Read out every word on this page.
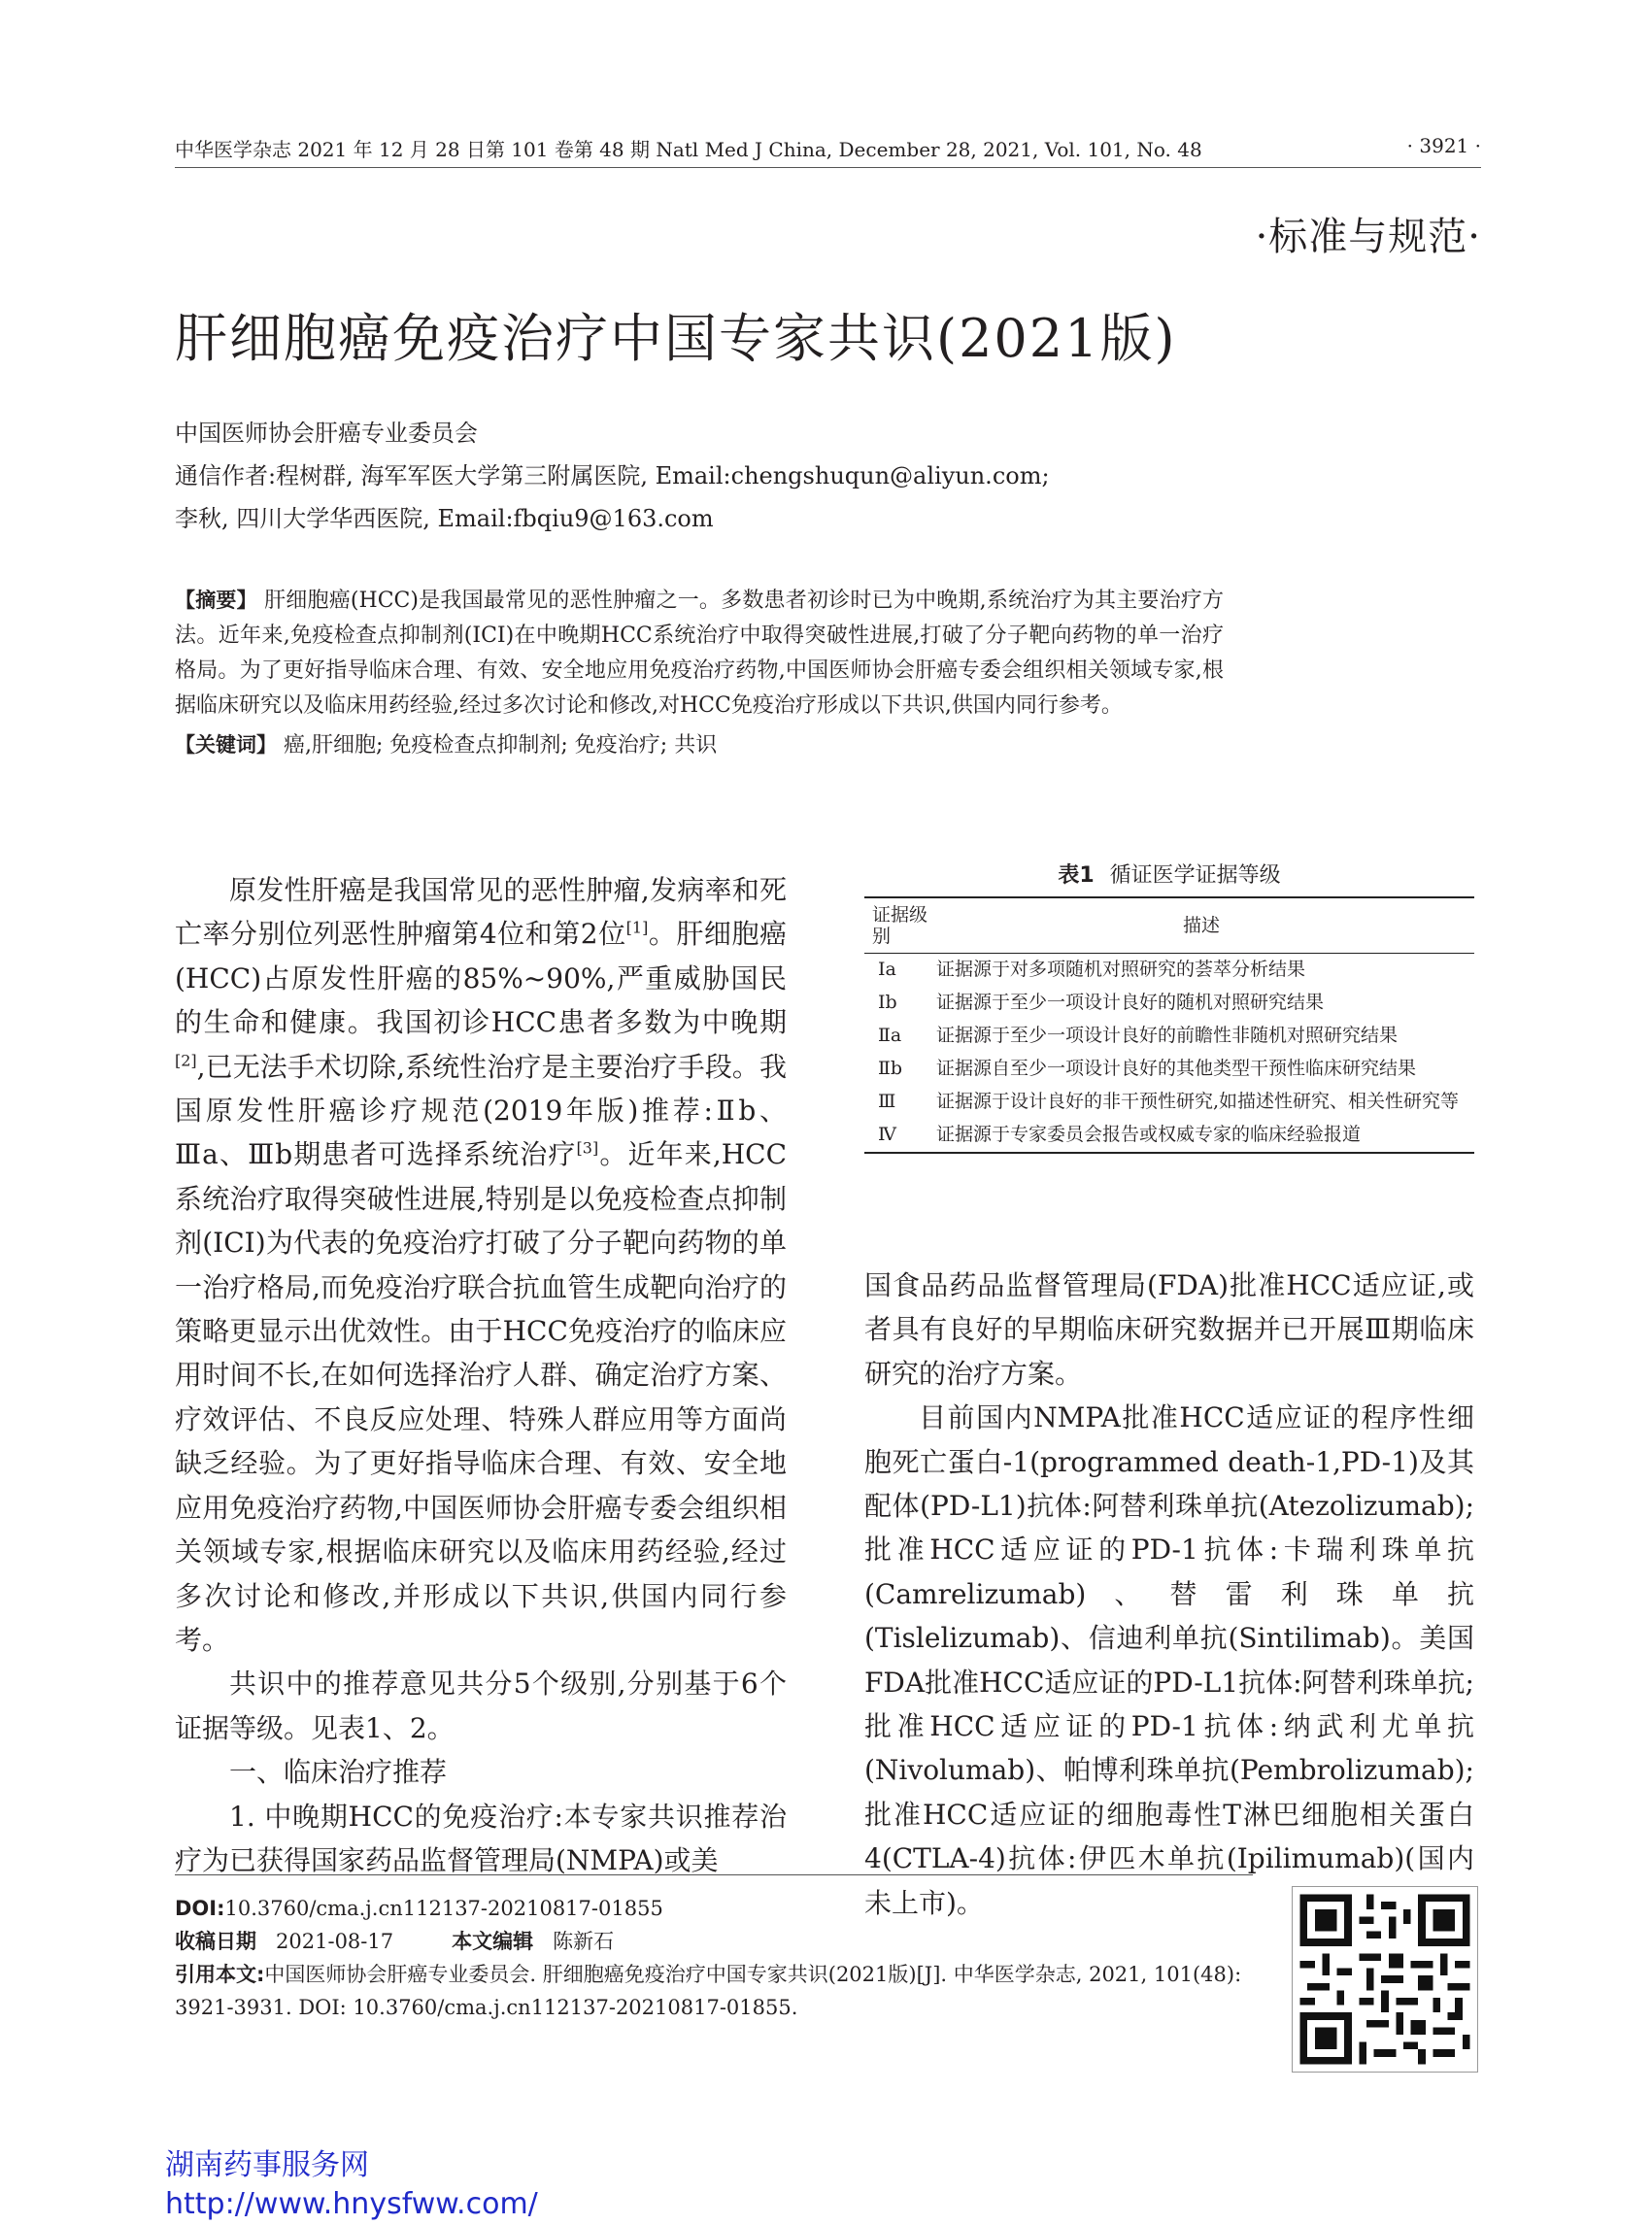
中华医学杂志 2021 年 12 月 28 日第 101 卷第 48 期 Natl Med J China, December 28, 2021, Vol. 101, No. 48	· 3921 ·
·标准与规范·
肝细胞癌免疫治疗中国专家共识(2021版)
中国医师协会肝癌专业委员会
通信作者:程树群, 海军军医大学第三附属医院, Email:chengshuqun@aliyun.com;
李秋, 四川大学华西医院, Email:fbqiu9@163.com
【摘要】 肝细胞癌(HCC)是我国最常见的恶性肿瘤之一。多数患者初诊时已为中晚期,系统治疗为其主要治疗方法。近年来,免疫检查点抑制剂(ICI)在中晚期HCC系统治疗中取得突破性进展,打破了分子靶向药物的单一治疗格局。为了更好指导临床合理、有效、安全地应用免疫治疗药物,中国医师协会肝癌专委会组织相关领域专家,根据临床研究以及临床用药经验,经过多次讨论和修改,对HCC免疫治疗形成以下共识,供国内同行参考。
【关键词】 癌,肝细胞; 免疫检查点抑制剂; 免疫治疗; 共识

原发性肝癌是我国常见的恶性肿瘤,发病率和死亡率分别位列恶性肿瘤第4位和第2位[1]。肝细胞癌(HCC)占原发性肝癌的85%~90%,严重威胁国民的生命和健康。我国初诊HCC患者多数为中晚期[2],已无法手术切除,系统性治疗是主要治疗手段。我国原发性肝癌诊疗规范(2019年版)推荐:Ⅱb、Ⅲa、Ⅲb期患者可选择系统治疗[3]。近年来,HCC系统治疗取得突破性进展,特别是以免疫检查点抑制剂(ICI)为代表的免疫治疗打破了分子靶向药物的单一治疗格局,而免疫治疗联合抗血管生成靶向治疗的策略更显示出优效性。由于HCC免疫治疗的临床应用时间不长,在如何选择治疗人群、确定治疗方案、疗效评估、不良反应处理、特殊人群应用等方面尚缺乏经验。为了更好指导临床合理、有效、安全地应用免疫治疗药物,中国医师协会肝癌专委会组织相关领域专家,根据临床研究以及临床用药经验,经过多次讨论和修改,并形成以下共识,供国内同行参考。

共识中的推荐意见共分5个级别,分别基于6个证据等级。见表1、2。

一、临床治疗推荐

1. 中晚期HCC的免疫治疗:本专家共识推荐治疗为已获得国家药品监督管理局(NMPA)或美

表1 循证医学证据等级
证据级别	描述
Ⅰa	证据源于对多项随机对照研究的荟萃分析结果
Ⅰb	证据源于至少一项设计良好的随机对照研究结果
Ⅱa	证据源于至少一项设计良好的前瞻性非随机对照研究结果
Ⅱb	证据源自至少一项设计良好的其他类型干预性临床研究结果
Ⅲ	证据源于设计良好的非干预性研究,如描述性研究、相关性研究等
Ⅳ	证据源于专家委员会报告或权威专家的临床经验报道

国食品药品监督管理局(FDA)批准HCC适应证,或者具有良好的早期临床研究数据并已开展Ⅲ期临床研究的治疗方案。

目前国内NMPA批准HCC适应证的程序性细胞死亡蛋白-1(programmed death-1,PD-1)及其配体(PD-L1)抗体:阿替利珠单抗(Atezolizumab);批准HCC适应证的PD-1抗体:卡瑞利珠单抗(Camrelizumab)、替雷利珠单抗(Tislelizumab)、信迪利单抗(Sintilimab)。美国FDA批准HCC适应证的PD-L1抗体:阿替利珠单抗;批准HCC适应证的PD-1抗体:纳武利尤单抗(Nivolumab)、帕博利珠单抗(Pembrolizumab);批准HCC适应证的细胞毒性T淋巴细胞相关蛋白4(CTLA-4)抗体:伊匹木单抗(Ipilimumab)(国内未上市)。

DOI:10.3760/cma.j.cn112137-20210817-01855
收稿日期 2021-08-17	本文编辑 陈新石
引用本文:中国医师协会肝癌专业委员会. 肝细胞癌免疫治疗中国专家共识(2021版)[J]. 中华医学杂志, 2021, 101(48): 3921-3931. DOI: 10.3760/cma.j.cn112137-20210817-01855.
湖南药事服务网
http://www.hnysfww.com/
